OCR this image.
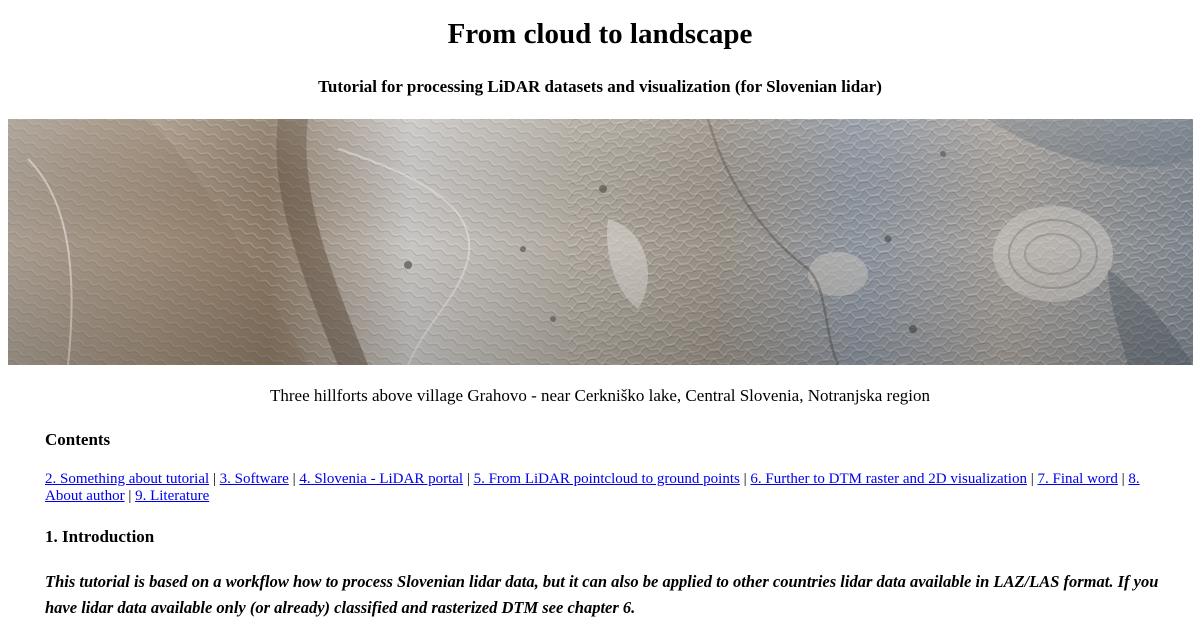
From cloud to landscape
Tutorial for processing LiDAR datasets and visualization (for Slovenian lidar)
Three hillforts above village Grahovo - near Cerkniško lake, Central Slovenia, Notranjska region
Contents
2. Something about tutorial | 3. Software | 4. Slovenia - LiDAR portal | 5. From LiDAR pointcloud to ground points | 6. Further to DTM raster and 2D visualization | 7. Final word | 8. About author | 9. Literature
1. Introduction
This tutorial is based on a workflow how to process Slovenian lidar data, but it can also be applied to other countries lidar data available in LAZ/LAS format. If you have lidar data available only (or already) classified and rasterized DTM see chapter 6.
